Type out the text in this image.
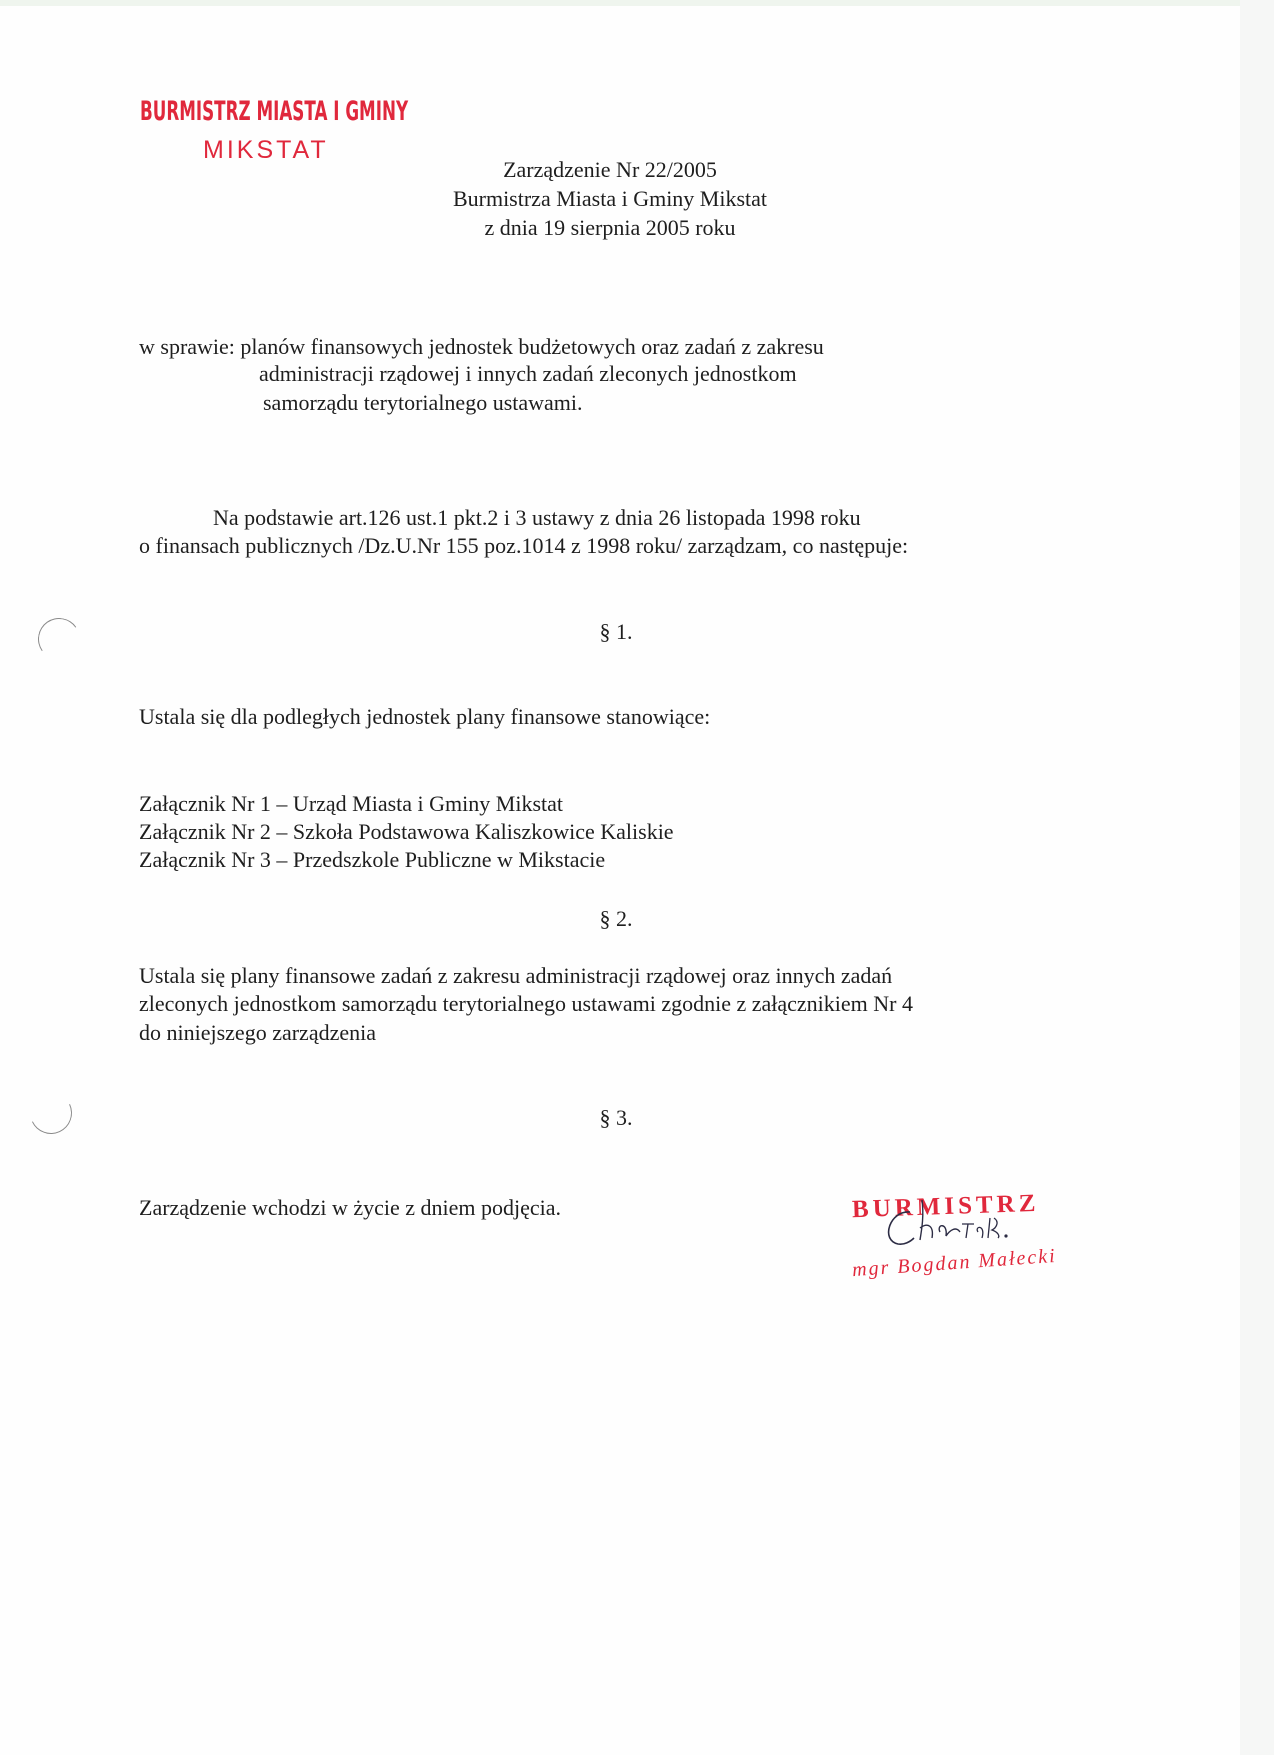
BURMISTRZ MIASTA I GMINY
MIKSTAT
Zarządzenie Nr 22/2005
Burmistrza Miasta i Gminy Mikstat
z dnia 19 sierpnia 2005 roku
w sprawie: planów finansowych jednostek budżetowych oraz zadań z zakresu
administracji rządowej i innych zadań zleconych jednostkom
samorządu terytorialnego ustawami.
Na podstawie art.126 ust.1 pkt.2 i 3 ustawy z dnia 26 listopada 1998 roku
o finansach publicznych /Dz.U.Nr 155 poz.1014 z 1998 roku/ zarządzam, co następuje:
§ 1.
Ustala się dla podległych jednostek plany finansowe stanowiące:
Załącznik Nr 1 – Urząd Miasta i Gminy Mikstat
Załącznik Nr 2 – Szkoła Podstawowa Kaliszkowice Kaliskie
Załącznik Nr 3 – Przedszkole Publiczne w Mikstacie
§ 2.
Ustala się plany finansowe zadań z zakresu administracji rządowej oraz innych zadań
zleconych jednostkom samorządu terytorialnego ustawami zgodnie z załącznikiem Nr 4
do niniejszego zarządzenia
§ 3.
Zarządzenie wchodzi w życie z dniem podjęcia.	BURMISTRZ
mgr Bogdan Małecki
